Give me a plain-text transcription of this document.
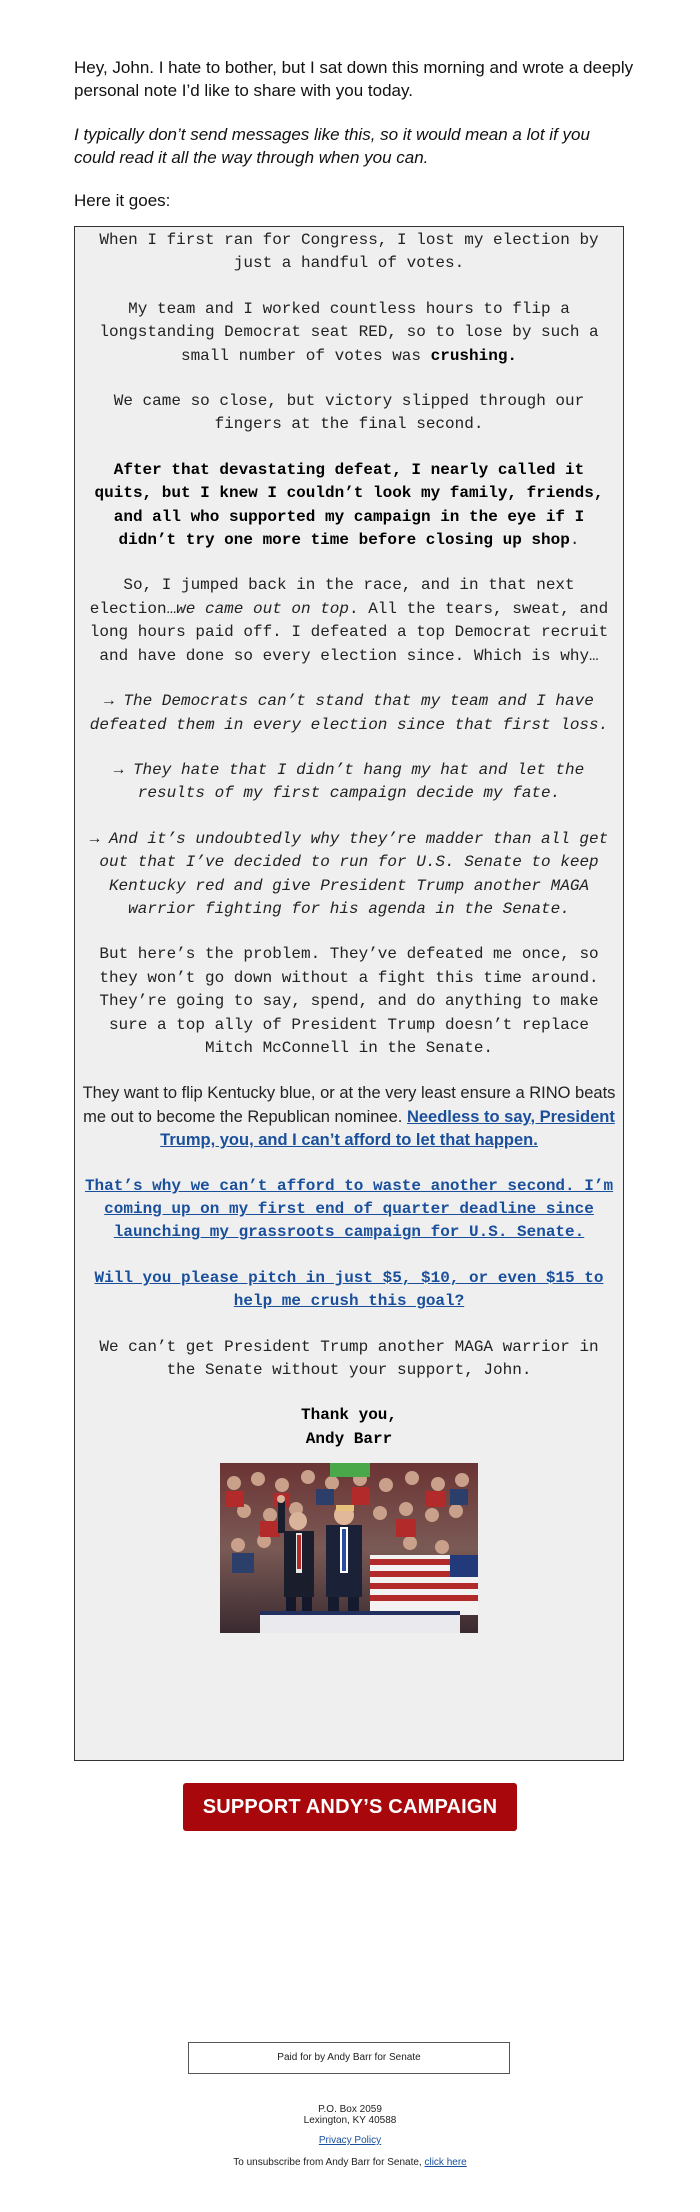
Hey, John. I hate to bother, but I sat down this morning and wrote a deeply personal note I’d like to share with you today.

I typically don’t send messages like this, so it would mean a lot if you could read it all the way through when you can.

Here it goes:

When I first ran for Congress, I lost my election by just a handful of votes.

My team and I worked countless hours to flip a longstanding Democrat seat RED, so to lose by such a small number of votes was crushing.

We came so close, but victory slipped through our fingers at the final second.

After that devastating defeat, I nearly called it quits, but I knew I couldn’t look my family, friends, and all who supported my campaign in the eye if I didn’t try one more time before closing up shop.

So, I jumped back in the race, and in that next election…we came out on top. All the tears, sweat, and long hours paid off. I defeated a top Democrat recruit and have done so every election since. Which is why…

→ The Democrats can’t stand that my team and I have defeated them in every election since that first loss.

→ They hate that I didn’t hang my hat and let the results of my first campaign decide my fate.

→ And it’s undoubtedly why they’re madder than all get out that I’ve decided to run for U.S. Senate to keep Kentucky red and give President Trump another MAGA warrior fighting for his agenda in the Senate.

But here’s the problem. They’ve defeated me once, so they won’t go down without a fight this time around. They’re going to say, spend, and do anything to make sure a top ally of President Trump doesn’t replace Mitch McConnell in the Senate.

They want to flip Kentucky blue, or at the very least ensure a RINO beats me out to become the Republican nominee. Needless to say, President Trump, you, and I can’t afford to let that happen.

That’s why we can’t afford to waste another second. I’m coming up on my first end of quarter deadline since launching my grassroots campaign for U.S. Senate.

Will you please pitch in just $5, $10, or even $15 to help me crush this goal?

We can’t get President Trump another MAGA warrior in the Senate without your support, John.

Thank you,
Andy Barr

SUPPORT ANDY’S CAMPAIGN
Paid for by Andy Barr for Senate
P.O. Box 2059
Lexington, KY 40588
Privacy Policy
To unsubscribe from Andy Barr for Senate, click here
